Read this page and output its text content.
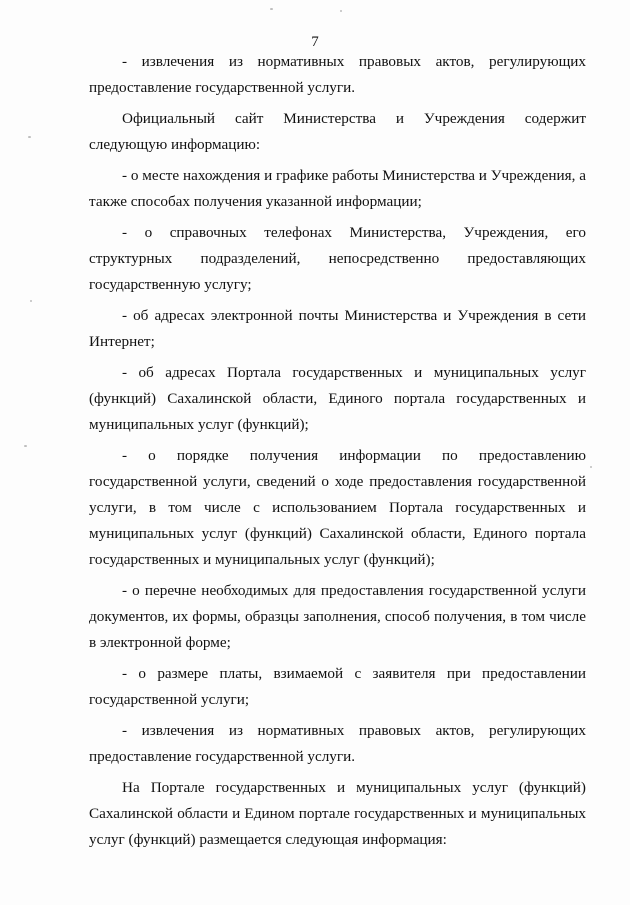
7

- извлечения из нормативных правовых актов, регулирующих предоставление государственной услуги.

Официальный сайт Министерства и Учреждения содержит следующую информацию:

- о месте нахождения и графике работы Министерства и Учреждения, а также способах получения указанной информации;

- о справочных телефонах Министерства, Учреждения, его структурных подразделений, непосредственно предоставляющих государственную услугу;

- об адресах электронной почты Министерства и Учреждения в сети Интернет;

- об адресах Портала государственных и муниципальных услуг (функций) Сахалинской области, Единого портала государственных и муниципальных услуг (функций);

- о порядке получения информации по предоставлению государственной услуги, сведений о ходе предоставления государственной услуги, в том числе с использованием Портала государственных и муниципальных услуг (функций) Сахалинской области, Единого портала государственных и муниципальных услуг (функций);

- о перечне необходимых для предоставления государственной услуги документов, их формы, образцы заполнения, способ получения, в том числе в электронной форме;

- о размере платы, взимаемой с заявителя при предоставлении государственной услуги;

- извлечения из нормативных правовых актов, регулирующих предоставление государственной услуги.

На Портале государственных и муниципальных услуг (функций) Сахалинской области и Едином портале государственных и муниципальных услуг (функций) размещается следующая информация:
